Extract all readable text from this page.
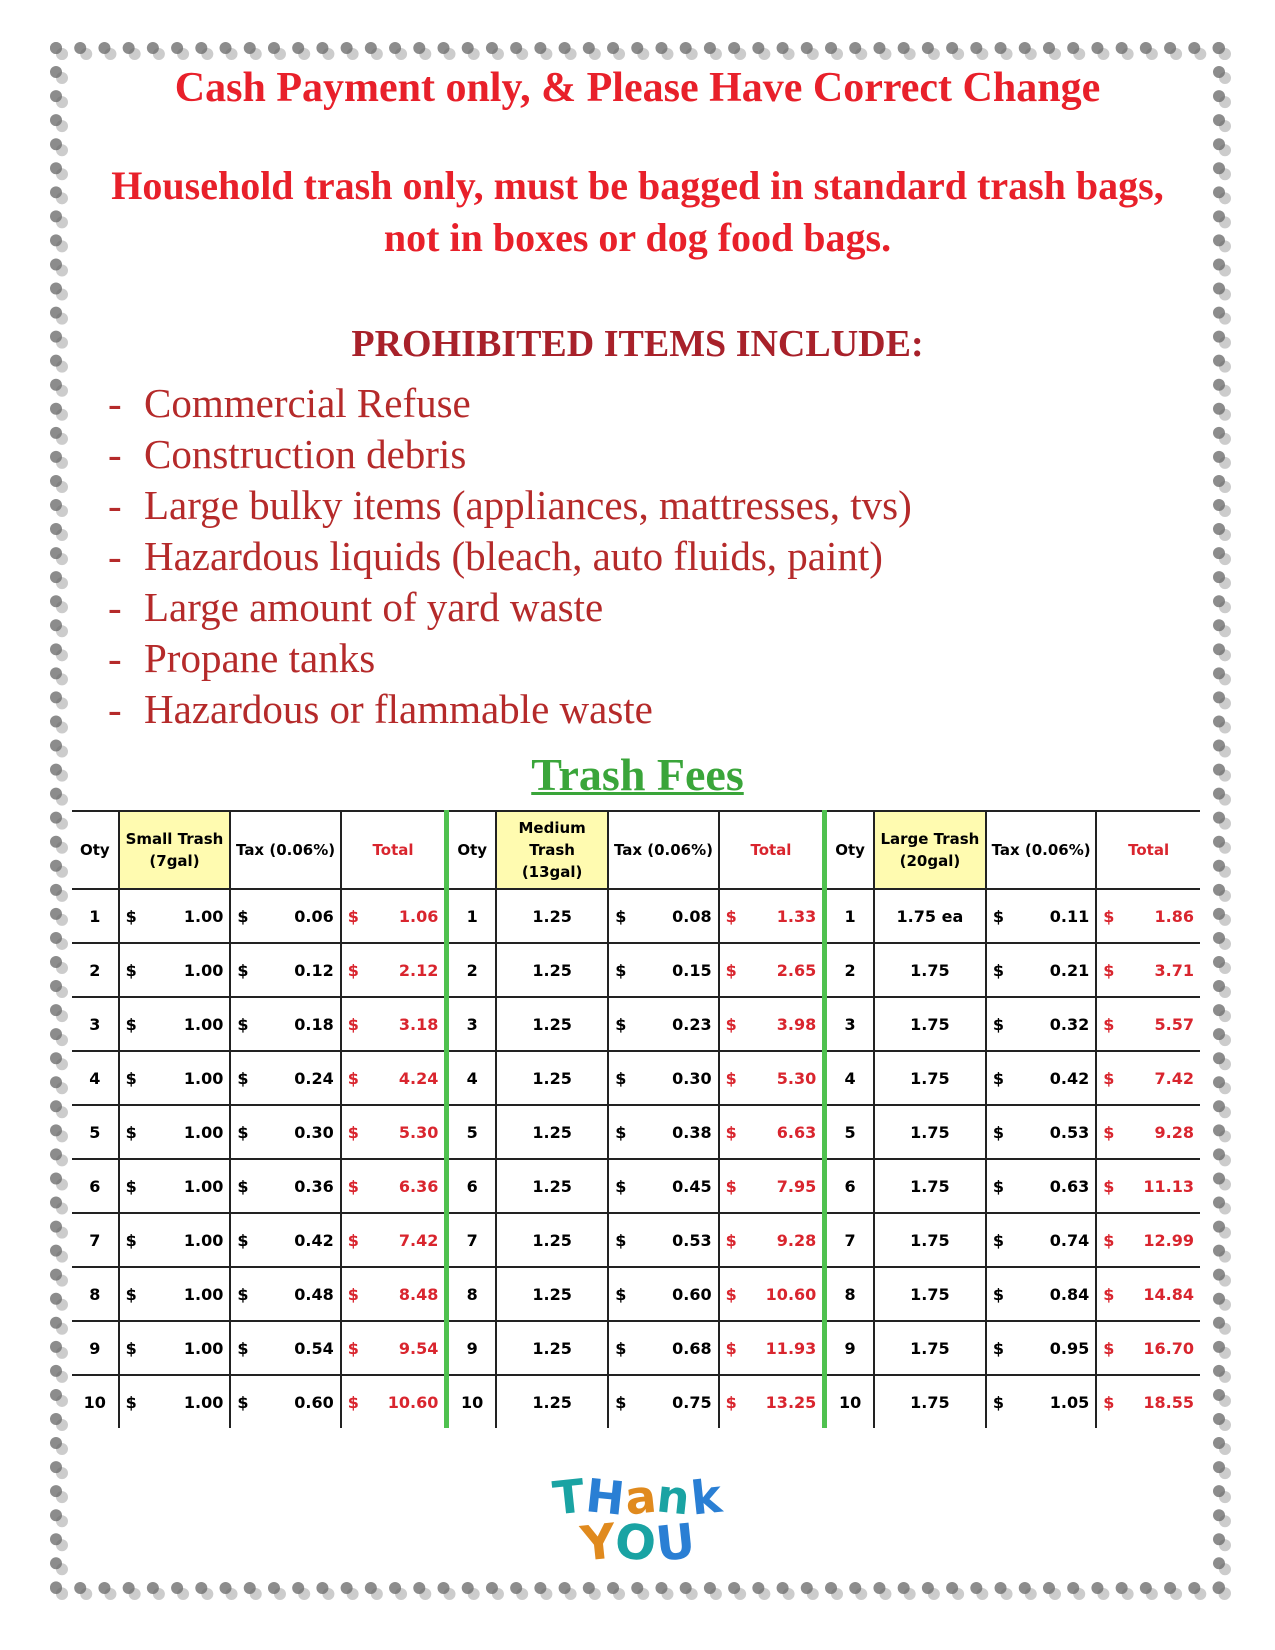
Cash Payment only, & Please Have Correct Change
Household trash only, must be bagged in standard trash bags, not in boxes or dog food bags.
PROHIBITED ITEMS INCLUDE:
- Commercial Refuse
- Construction debris
- Large bulky items (appliances, mattresses, tvs)
- Hazardous liquids (bleach, auto fluids, paint)
- Large amount of yard waste
- Propane tanks
- Hazardous or flammable waste
Trash Fees
Oty	Small Trash (7gal)	Tax (0.06%)	Total	Oty	Medium Trash (13gal)	Tax (0.06%)	Total	Oty	Large Trash (20gal)	Tax (0.06%)	Total
1	$ 1.00	$ 0.06	$ 1.06	1	1.25	$ 0.08	$ 1.33	1	1.75 ea	$ 0.11	$ 1.86

2	$ 1.00	$ 0.12	$ 2.12	2	1.25	$ 0.15	$ 2.65	2	1.75	$ 0.21	$ 3.71

3	$ 1.00	$ 0.18	$ 3.18	3	1.25	$ 0.23	$ 3.98	3	1.75	$ 0.32	$ 5.57

4	$ 1.00	$ 0.24	$ 4.24	4	1.25	$ 0.30	$ 5.30	4	1.75	$ 0.42	$ 7.42

5	$ 1.00	$ 0.30	$ 5.30	5	1.25	$ 0.38	$ 6.63	5	1.75	$ 0.53	$ 9.28

6	$ 1.00	$ 0.36	$ 6.36	6	1.25	$ 0.45	$ 7.95	6	1.75	$ 0.63	$ 11.13

7	$ 1.00	$ 0.42	$ 7.42	7	1.25	$ 0.53	$ 9.28	7	1.75	$ 0.74	$ 12.99

8	$ 1.00	$ 0.48	$ 8.48	8	1.25	$ 0.60	$ 10.60	8	1.75	$ 0.84	$ 14.84

9	$ 1.00	$ 0.54	$ 9.54	9	1.25	$ 0.68	$ 11.93	9	1.75	$ 0.95	$ 16.70

10	$ 1.00	$ 0.60	$ 10.60	10	1.25	$ 0.75	$ 13.25	10	1.75	$ 1.05	$ 18.55
THank
YOU
